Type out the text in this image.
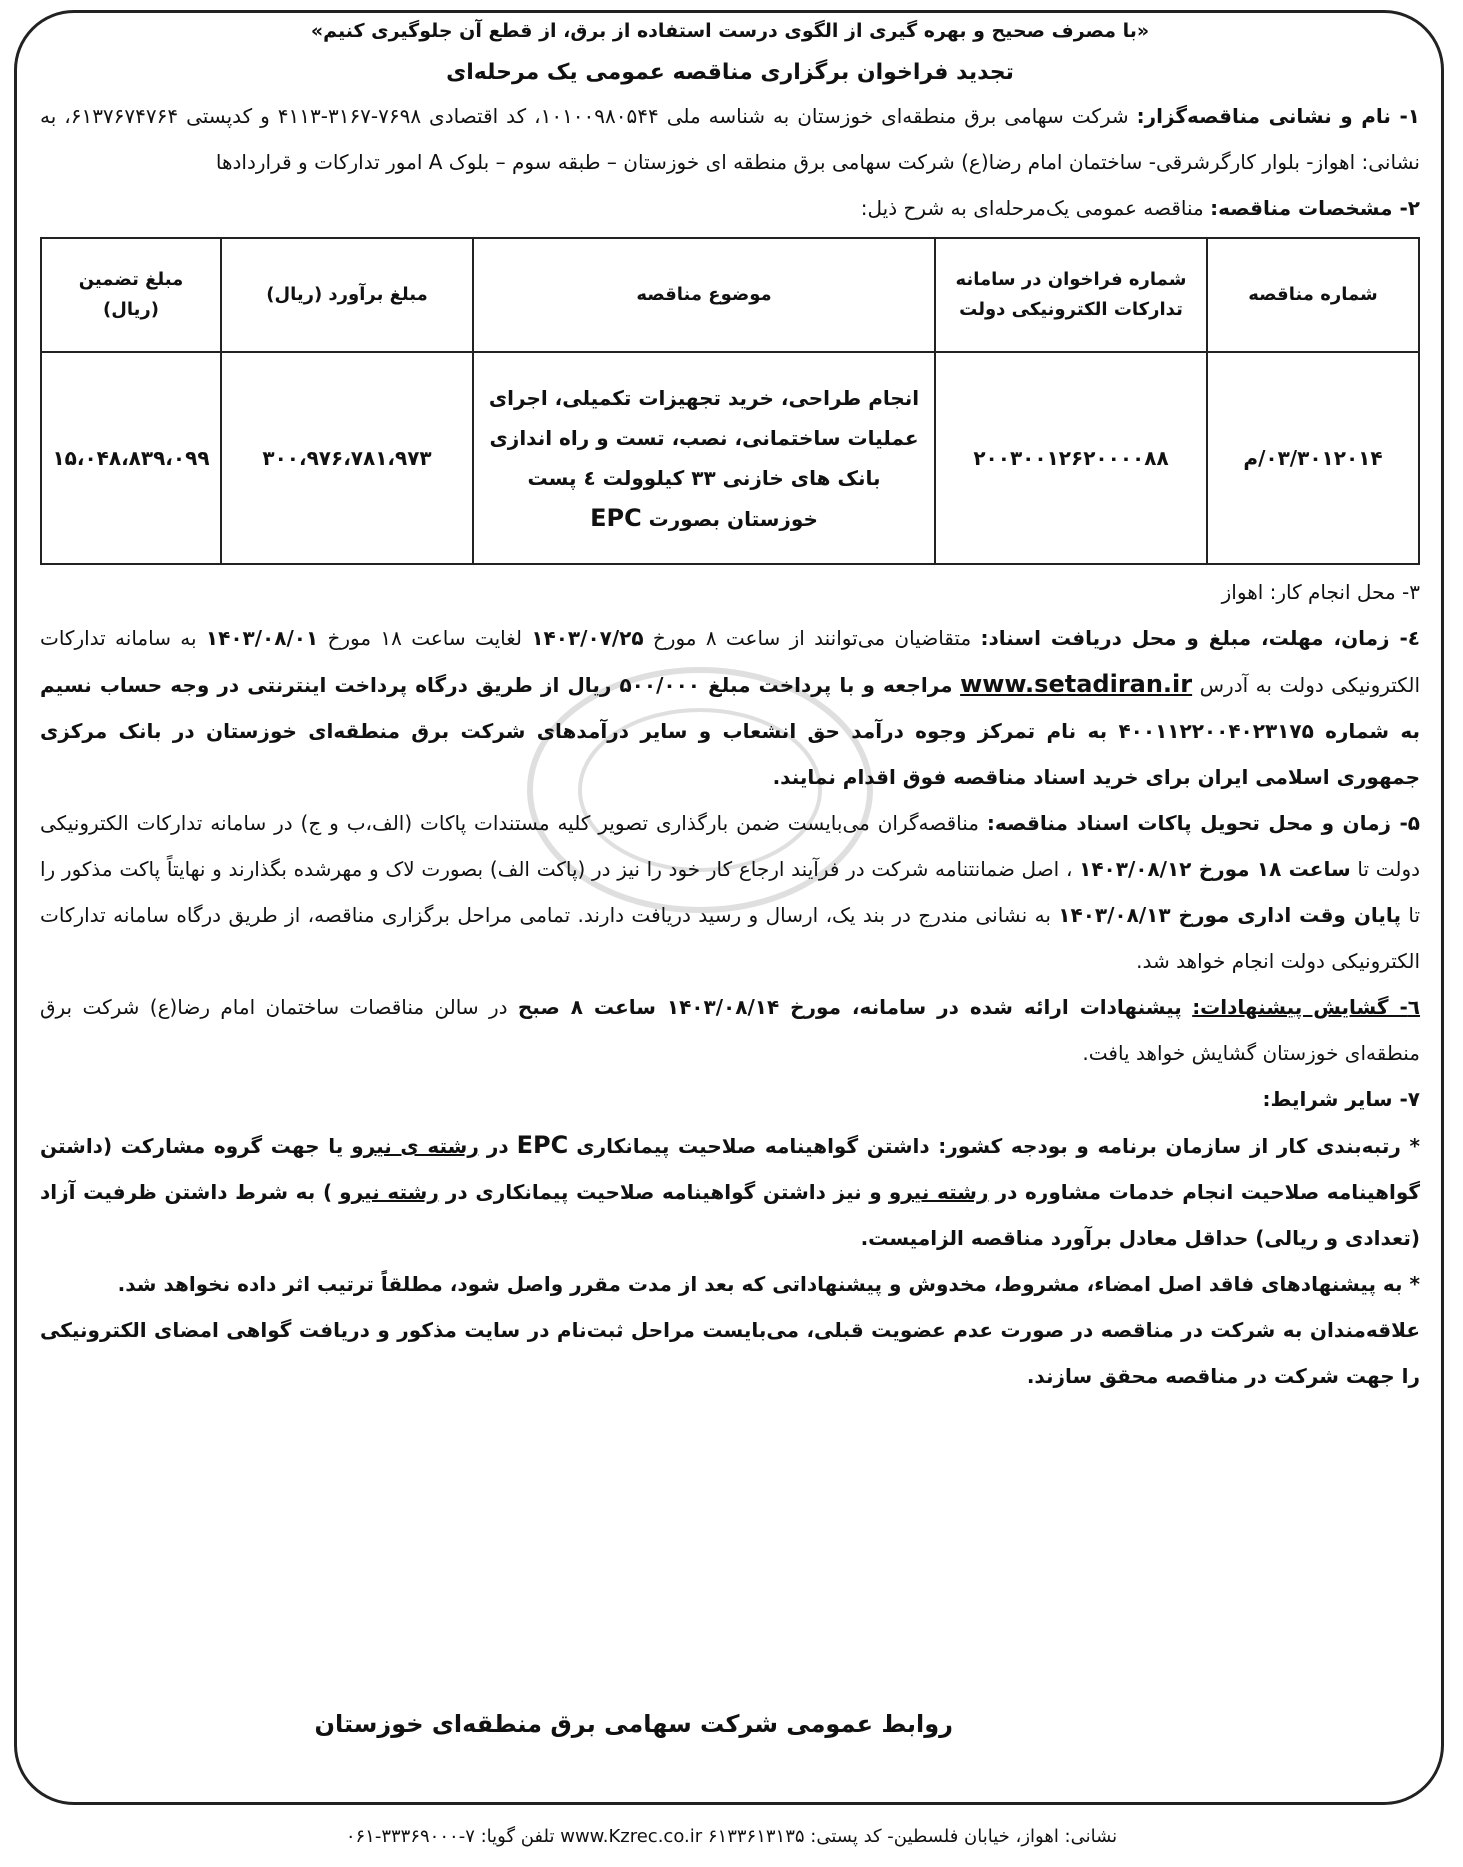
«با مصرف صحیح و بهره گیری از الگوی درست استفاده از برق، از قطع آن جلوگیری کنیم»
تجدید فراخوان برگزاری مناقصه عمومی یک مرحله‌ای

۱- نام و نشانی مناقصه‌گزار: شرکت سهامی برق منطقه‌ای خوزستان به شناسه ملی ۱۰۱۰۰۹۸۰۵۴۴، کد اقتصادی ۷۶۹۸-۳۱۶۷-۴۱۱۳ و کدپستی ۶۱۳۷۶۷۴۷۶۴، به نشانی: اهواز- بلوار کارگرشرقی- ساختمان امام رضا(ع) شرکت سهامی برق منطقه ای خوزستان – طبقه سوم – بلوک A امور تدارکات و قراردادها

۲- مشخصات مناقصه: مناقصه عمومی یک‌مرحله‌ای به شرح ذیل:

شماره مناقصه	شماره فراخوان در سامانه تدارکات الکترونیکی دولت	موضوع مناقصه	مبلغ برآورد (ریال)	مبلغ تضمین (ریال)
۰۳/۳۰۱۲۰۱۴/م	۲۰۰۳۰۰۱۲۶۲۰۰۰۰۸۸	انجام طراحی، خرید تجهیزات تکمیلی، اجرای عملیات ساختمانی، نصب، تست و راه اندازی بانک های خازنی ۳۳ کیلوولت ٤ پست خوزستان بصورت EPC	۳۰۰،۹۷۶،۷۸۱،۹۷۳	۱۵،۰۴۸،۸۳۹،۰۹۹

۳- محل انجام کار: اهواز

٤- زمان، مهلت، مبلغ و محل دریافت اسناد: متقاضیان می‌توانند از ساعت ۸ مورخ ۱۴۰۳/۰۷/۲۵ لغایت ساعت ۱۸ مورخ ۱۴۰۳/۰۸/۰۱ به سامانه تدارکات الکترونیکی دولت به آدرس www.setadiran.ir مراجعه و با پرداخت مبلغ ۵۰۰/۰۰۰ ریال از طریق درگاه پرداخت اینترنتی در وجه حساب نسیم به شماره ۴۰۰۱۱۲۲۰۰۴۰۲۳۱۷۵ به نام تمرکز وجوه درآمد حق انشعاب و سایر درآمدهای شرکت برق منطقه‌ای خوزستان در بانک مرکزی جمهوری اسلامی ایران برای خرید اسناد مناقصه فوق اقدام نمایند.

۵- زمان و محل تحویل پاکات اسناد مناقصه: مناقصه‌گران می‌بایست ضمن بارگذاری تصویر کلیه مستندات پاکات (الف،ب و ج) در سامانه تدارکات الکترونیکی دولت تا ساعت ۱۸ مورخ ۱۴۰۳/۰۸/۱۲ ، اصل ضمانتنامه شرکت در فرآیند ارجاع کار خود را نیز در (پاکت الف) بصورت لاک و مهرشده بگذارند و نهایتاً پاکت مذکور را تا پایان وقت اداری مورخ ۱۴۰۳/۰۸/۱۳ به نشانی مندرج در بند یک، ارسال و رسید دریافت دارند. تمامی مراحل برگزاری مناقصه، از طریق درگاه سامانه تدارکات الکترونیکی دولت انجام خواهد شد.

٦- گشایش پیشنهادات: پیشنهادات ارائه شده در سامانه، مورخ ۱۴۰۳/۰۸/۱۴ ساعت ۸ صبح در سالن مناقصات ساختمان امام رضا(ع) شرکت برق منطقه‌ای خوزستان گشایش خواهد یافت.

۷- سایر شرایط:

* رتبه‌بندی کار از سازمان برنامه و بودجه کشور: داشتن گواهینامه صلاحیت پیمانکاری EPC در رشته ی نیرو یا جهت گروه مشارکت (داشتن گواهینامه صلاحیت انجام خدمات مشاوره در رشته نیرو و نیز داشتن گواهینامه صلاحیت پیمانکاری در رشته نیرو ) به شرط داشتن ظرفیت آزاد (تعدادی و ریالی) حداقل معادل برآورد مناقصه الزامیست.

* به پیشنهادهای فاقد اصل امضاء، مشروط، مخدوش و پیشنهاداتی که بعد از مدت مقرر واصل شود، مطلقاً ترتیب اثر داده نخواهد شد.

علاقه‌مندان به شرکت در مناقصه در صورت عدم عضویت قبلی، می‌بایست مراحل ثبت‌نام در سایت مذکور و دریافت گواهی امضای الکترونیکی را جهت شرکت در مناقصه محقق سازند.

روابط عمومی شرکت سهامی برق منطقه‌ای خوزستان
نشانی: اهواز، خیابان فلسطین- کد پستی: ۶۱۳۳۶۱۳۱۳۵ www.Kzrec.co.ir تلفن گویا: ۷-۳۳۳۶۹۰۰۰-۰۶۱
